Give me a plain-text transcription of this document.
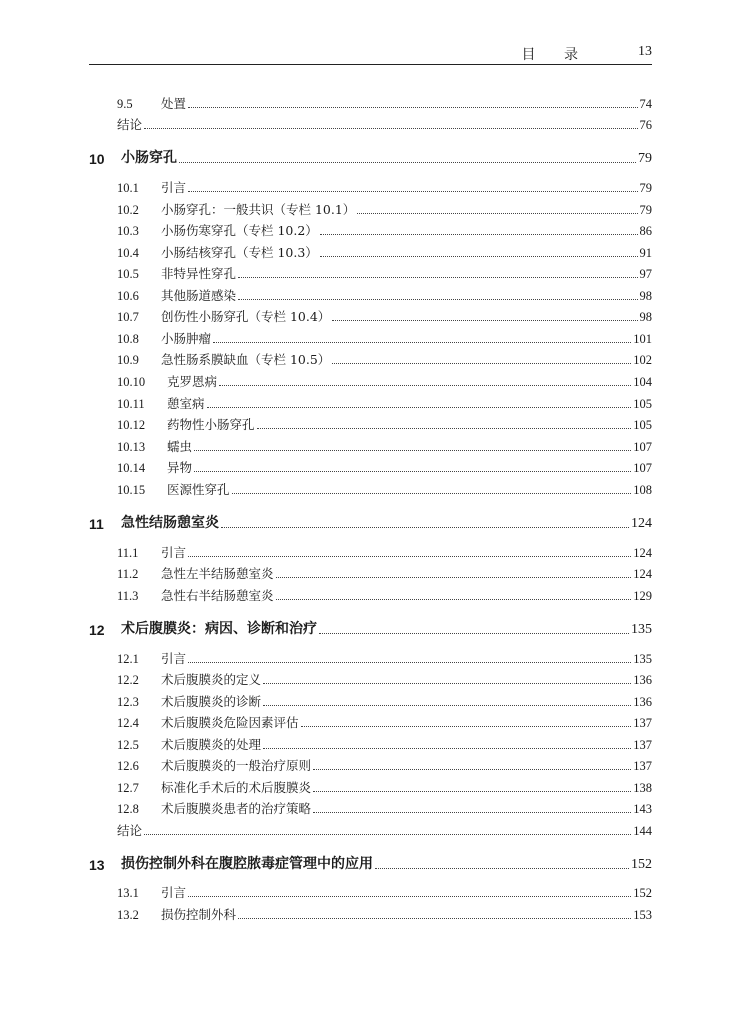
目 录	13
9.5	处置	74
结论	76
10	小肠穿孔	79
10.1	引言	79
10.2	小肠穿孔：一般共识（专栏 10.1）	79
10.3	小肠伤寒穿孔（专栏 10.2）	86
10.4	小肠结核穿孔（专栏 10.3）	91
10.5	非特异性穿孔	97
10.6	其他肠道感染	98
10.7	创伤性小肠穿孔（专栏 10.4）	98
10.8	小肠肿瘤	101
10.9	急性肠系膜缺血（专栏 10.5）	102
10.10	克罗恩病	104
10.11	憩室病	105
10.12	药物性小肠穿孔	105
10.13	蠕虫	107
10.14	异物	107
10.15	医源性穿孔	108
11	急性结肠憩室炎	124
11.1	引言	124
11.2	急性左半结肠憩室炎	124
11.3	急性右半结肠憩室炎	129
12	术后腹膜炎：病因、诊断和治疗	135
12.1	引言	135
12.2	术后腹膜炎的定义	136
12.3	术后腹膜炎的诊断	136
12.4	术后腹膜炎危险因素评估	137
12.5	术后腹膜炎的处理	137
12.6	术后腹膜炎的一般治疗原则	137
12.7	标准化手术后的术后腹膜炎	138
12.8	术后腹膜炎患者的治疗策略	143
结论	144
13	损伤控制外科在腹腔脓毒症管理中的应用	152
13.1	引言	152
13.2	损伤控制外科	153
